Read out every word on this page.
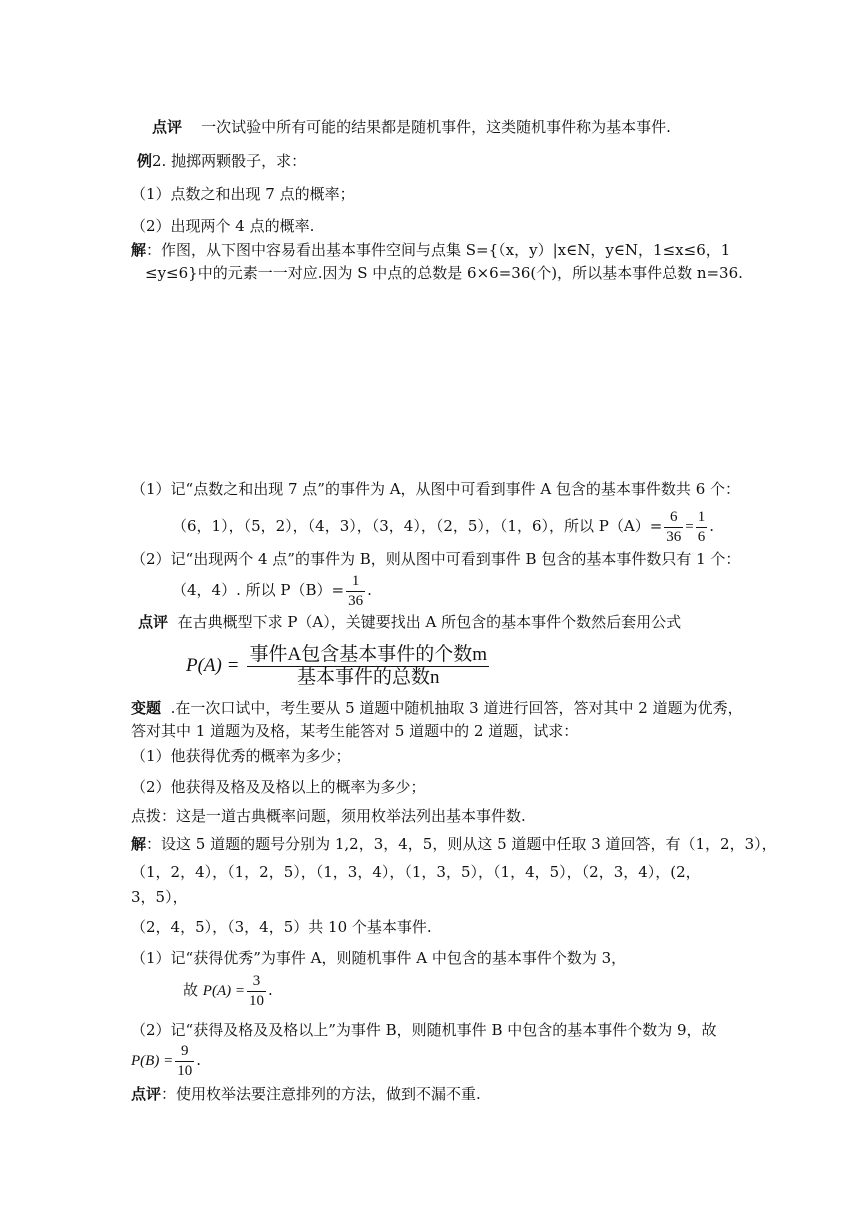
点评 一次试验中所有可能的结果都是随机事件，这类随机事件称为基本事件.
例2. 抛掷两颗骰子，求：
（1）点数之和出现 7 点的概率；
（2）出现两个 4 点的概率.
解：作图，从下图中容易看出基本事件空间与点集 S={（x，y）|x∈N，y∈N，1≤x≤6，1
≤y≤6}中的元素一一对应.因为 S 中点的总数是 6×6=36(个)，所以基本事件总数 n=36.
（1）记“点数之和出现 7 点”的事件为 A，从图中可看到事件 A 包含的基本事件数共 6 个：
（6，1），（5，2），（4，3），（3，4），（2，5），（1，6），所以 $P(A)= \frac{6}{36} = \frac{1}{6}$ .
（2）记“出现两个 4 点”的事件为 B，则从图中可看到事件 B 包含的基本事件数只有 1 个：
（4，4）. 所以 $P(B)= \frac{1}{36}$ .
点评 在古典概型下求 P（A），关键要找出 A 所包含的基本事件个数然后套用公式
$P(A) = \frac{\text{事件A包含基本事件的个数m}}{\text{基本事件的总数n}}$
变题 .在一次口试中，考生要从 5 道题中随机抽取 3 道进行回答，答对其中 2 道题为优秀，
答对其中 1 道题为及格，某考生能答对 5 道题中的 2 道题，试求：
（1）他获得优秀的概率为多少；
（2）他获得及格及及格以上的概率为多少；
点拨：这是一道古典概率问题，须用枚举法列出基本事件数.
解：设这 5 道题的题号分别为 1,2，3，4，5，则从这 5 道题中任取 3 道回答，有（1，2，3），
（1，2，4），（1，2，5），（1，3，4），（1，3，5），（1，4，5），（2，3，4），(2，
3，5），
（2，4，5），（3，4，5）共 10 个基本事件.
（1）记“获得优秀”为事件 A，则随机事件 A 中包含的基本事件个数为 3，
故 $P(A) = \frac{3}{10}$ .
（2）记“获得及格及及格以上”为事件 B，则随机事件 B 中包含的基本事件个数为 9，故
$P(B) = \frac{9}{10}$ .
点评：使用枚举法要注意排列的方法，做到不漏不重.
